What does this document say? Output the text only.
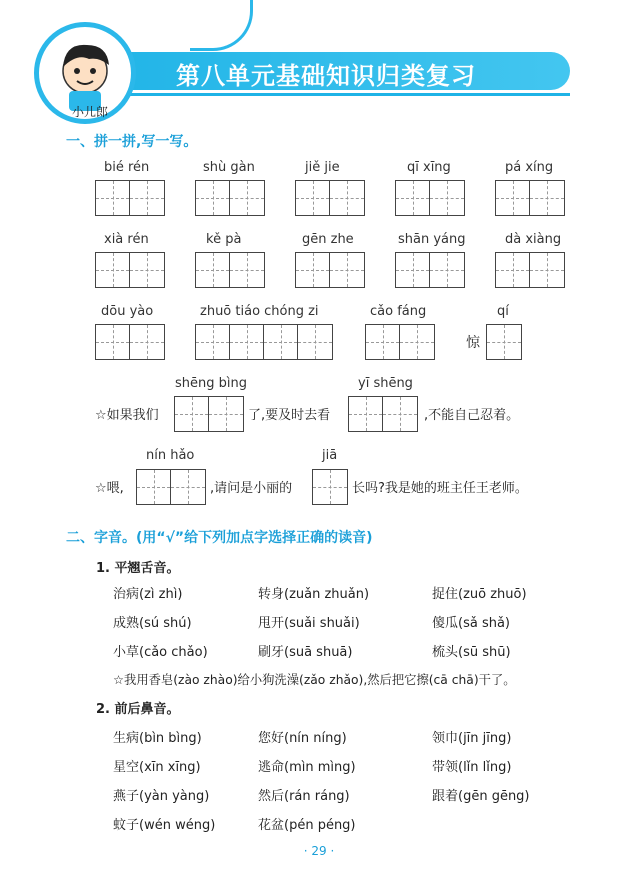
第八单元基础知识归类复习
小儿郎
一、拼一拼,写一写。
bié rén	shù gàn	jiě jie	qī xīng	pá xíng
xià rén	kě pà	gēn zhe	shān yáng	dà xiàng
dōu yào	zhuō tiáo chóng zi	cǎo fáng	qí
惊
shēng bìng	yī shēng
☆如果我们	了,要及时去看	,不能自己忍着。
nín hǎo	jiā
☆喂,	,请问是小丽的	长吗?我是她的班主任王老师。
二、字音。(用“√”给下列加点字选择正确的读音)
1. 平翘舌音。
治病(zì zhì)	转身(zuǎn zhuǎn)	捉住(zuō zhuō)
成熟(sú shú)	甩开(suǎi shuǎi)	傻瓜(sǎ shǎ)
小草(cǎo chǎo)	刷牙(suā shuā)	梳头(sū shū)
☆我用香皂(zào zhào)给小狗洗澡(zǎo zhǎo),然后把它擦(cā chā)干了。
2. 前后鼻音。
生病(bìn bìng)	您好(nín níng)	领巾(jīn jīng)
星空(xīn xīng)	逃命(mìn mìng)	带领(lǐn lǐng)
燕子(yàn yàng)	然后(rán ráng)	跟着(gēn gēng)
蚊子(wén wéng)	花盆(pén péng)
· 29 ·
